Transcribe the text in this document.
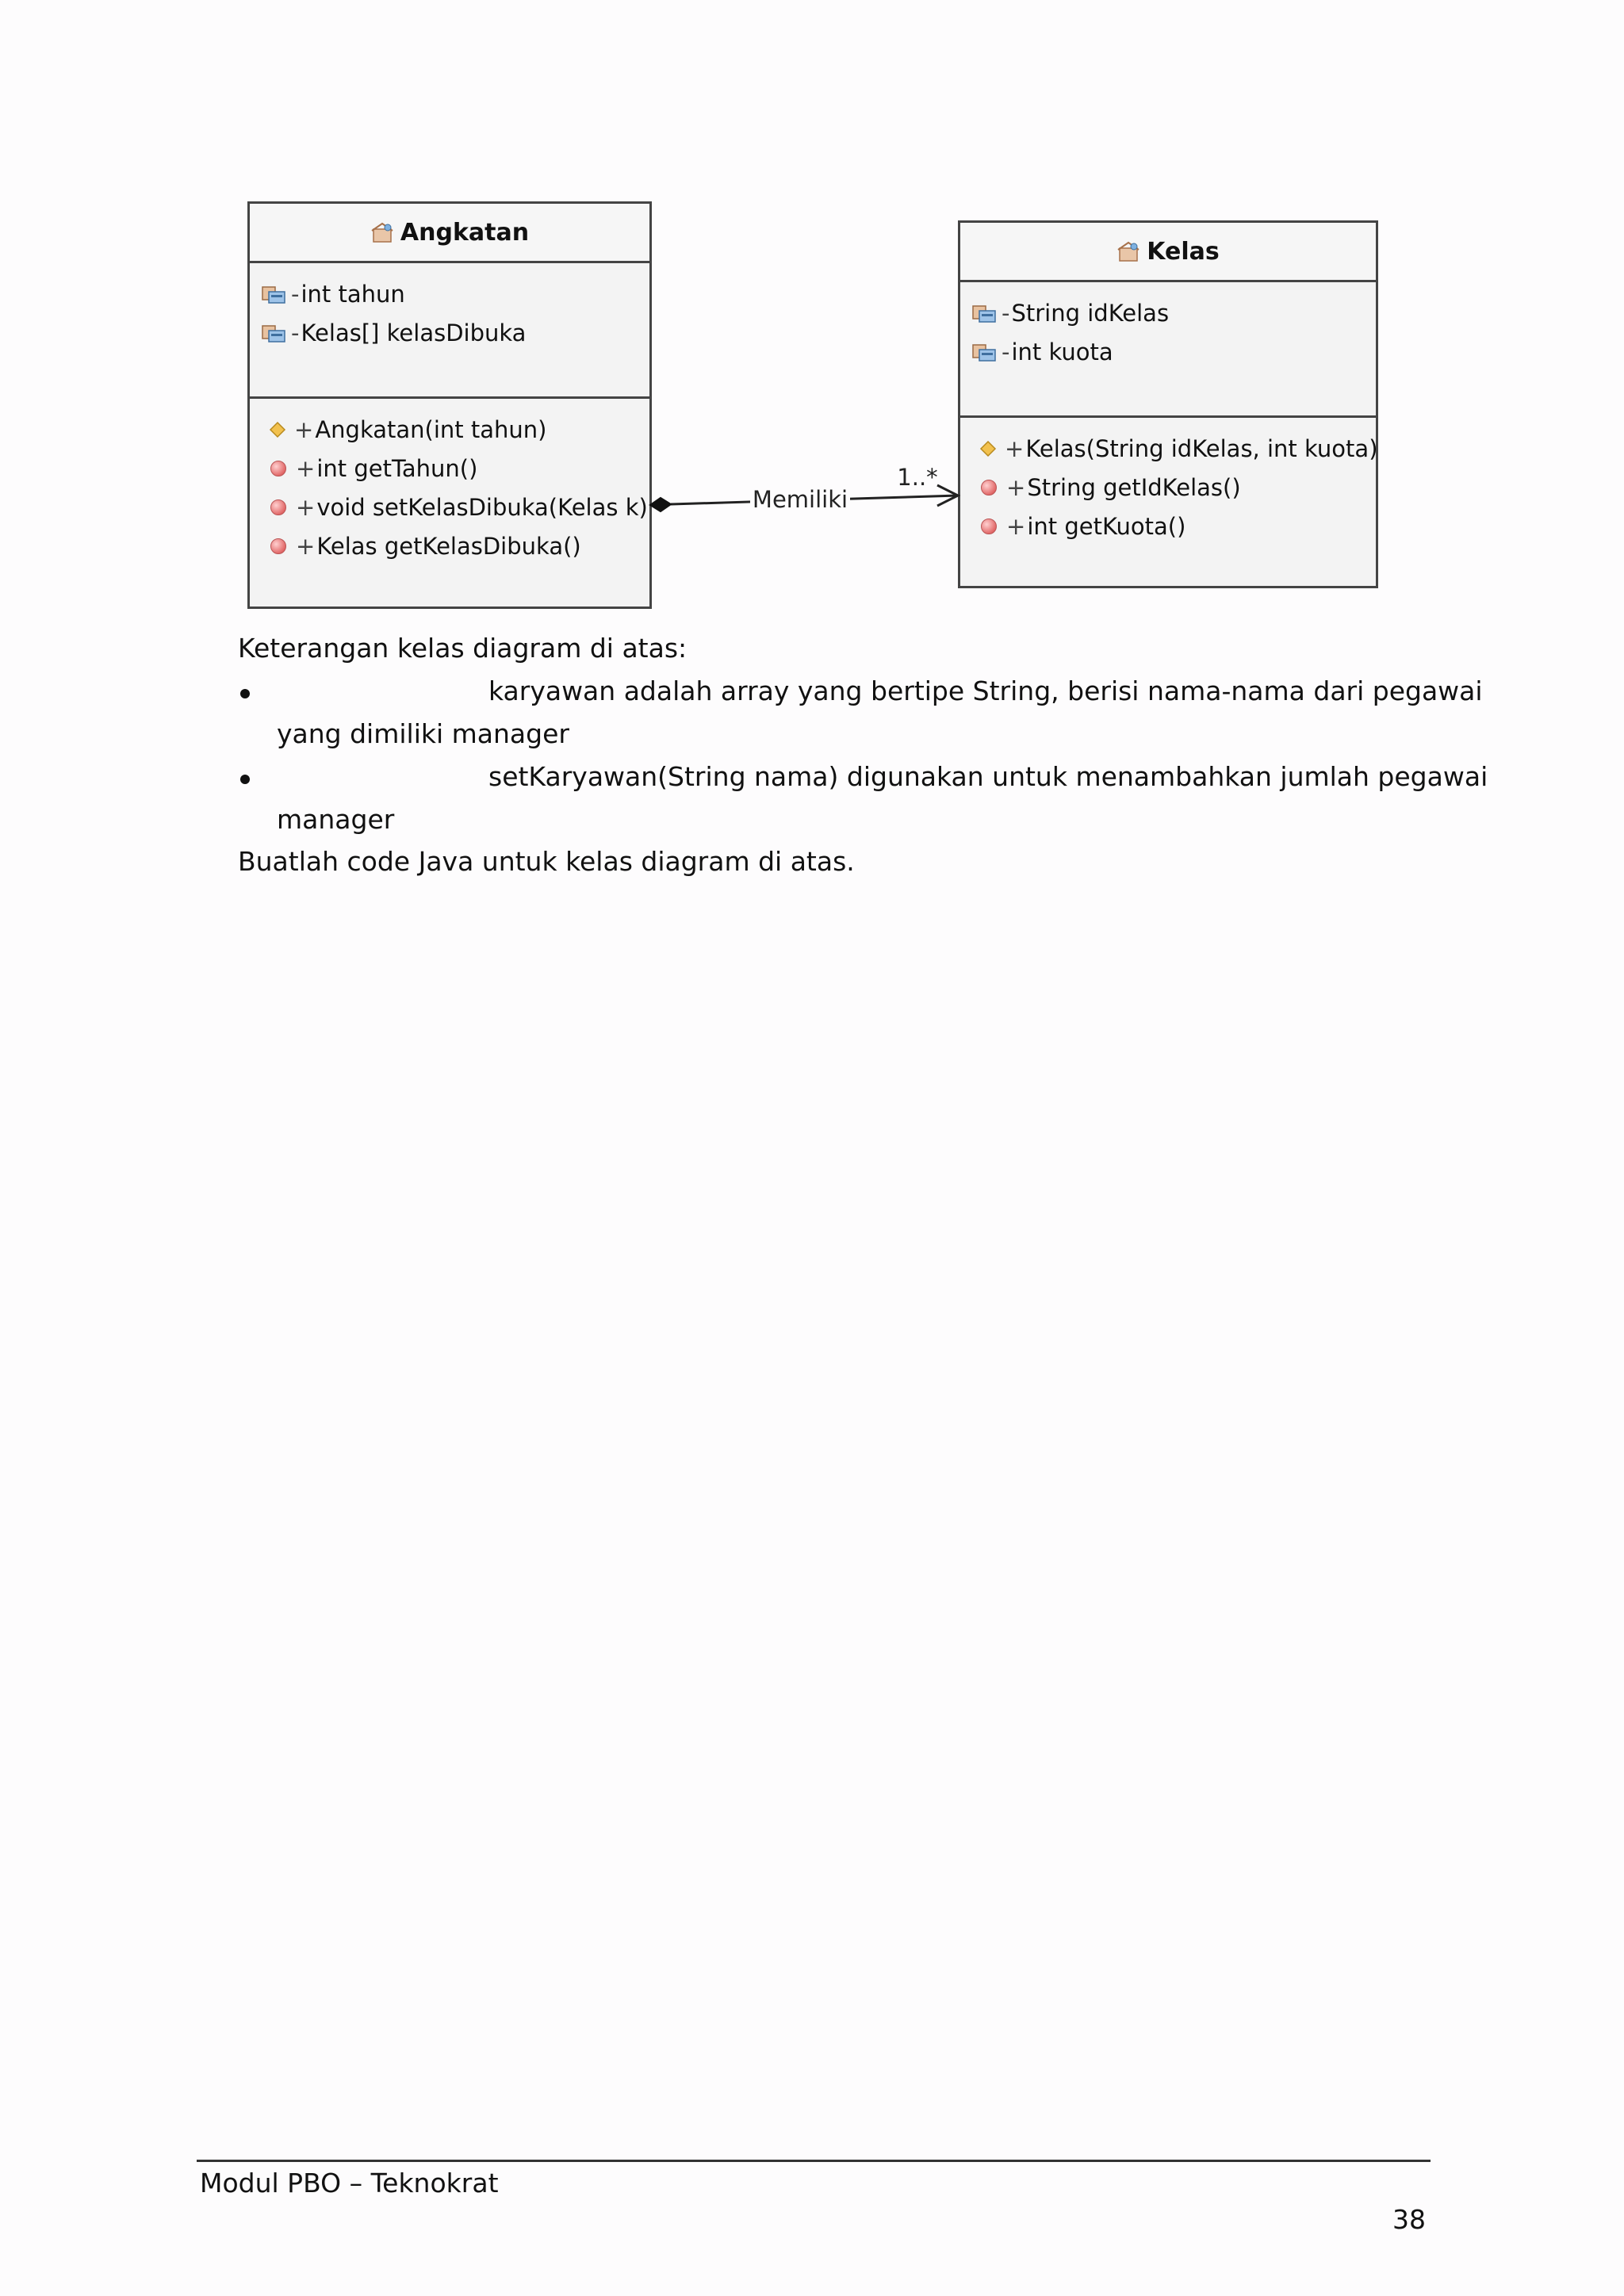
Angkatan
- int tahun
- Kelas[] kelasDibuka
+ Angkatan(int tahun)
+ int getTahun()
+ void setKelasDibuka(Kelas k)
+ Kelas getKelasDibuka()
Kelas
- String idKelas
- int kuota
+ Kelas(String idKelas, int kuota)
+ String getIdKelas()
+ int getKuota()
Memiliki
1..*
Keterangan kelas diagram di atas:
karyawan adalah array yang bertipe String, berisi nama-nama dari pegawai
yang dimiliki manager
setKaryawan(String nama) digunakan untuk menambahkan jumlah pegawai
manager
Buatlah code Java untuk kelas diagram di atas.
Modul PBO – Teknokrat
38
